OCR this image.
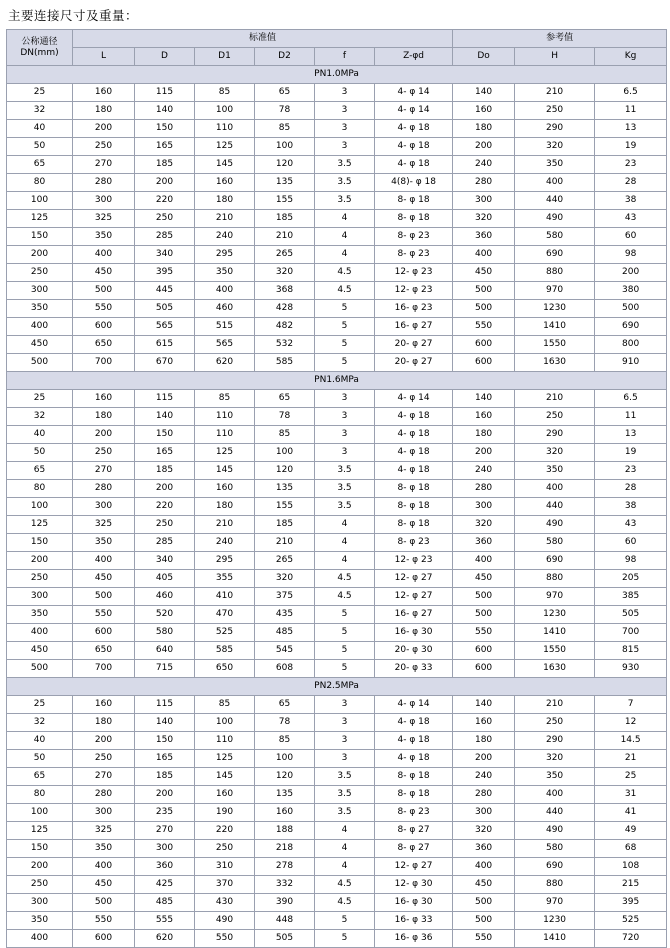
主要连接尺寸及重量：
公称通径
DN(mm)	标准值						参考值		
	L	D	D1	D2	f	Z-φd	Do	H	Kg
PN1.0MPa									
25	160	115	85	65	3	4- φ 14	140	210	6.5
32	180	140	100	78	3	4- φ 14	160	250	11
40	200	150	110	85	3	4- φ 18	180	290	13
50	250	165	125	100	3	4- φ 18	200	320	19
65	270	185	145	120	3.5	4- φ 18	240	350	23
80	280	200	160	135	3.5	4(8)- φ 18	280	400	28
100	300	220	180	155	3.5	8- φ 18	300	440	38
125	325	250	210	185	4	8- φ 18	320	490	43
150	350	285	240	210	4	8- φ 23	360	580	60
200	400	340	295	265	4	8- φ 23	400	690	98
250	450	395	350	320	4.5	12- φ 23	450	880	200
300	500	445	400	368	4.5	12- φ 23	500	970	380
350	550	505	460	428	5	16- φ 23	500	1230	500
400	600	565	515	482	5	16- φ 27	550	1410	690
450	650	615	565	532	5	20- φ 27	600	1550	800
500	700	670	620	585	5	20- φ 27	600	1630	910
PN1.6MPa									
25	160	115	85	65	3	4- φ 14	140	210	6.5
32	180	140	110	78	3	4- φ 18	160	250	11
40	200	150	110	85	3	4- φ 18	180	290	13
50	250	165	125	100	3	4- φ 18	200	320	19
65	270	185	145	120	3.5	4- φ 18	240	350	23
80	280	200	160	135	3.5	8- φ 18	280	400	28
100	300	220	180	155	3.5	8- φ 18	300	440	38
125	325	250	210	185	4	8- φ 18	320	490	43
150	350	285	240	210	4	8- φ 23	360	580	60
200	400	340	295	265	4	12- φ 23	400	690	98
250	450	405	355	320	4.5	12- φ 27	450	880	205
300	500	460	410	375	4.5	12- φ 27	500	970	385
350	550	520	470	435	5	16- φ 27	500	1230	505
400	600	580	525	485	5	16- φ 30	550	1410	700
450	650	640	585	545	5	20- φ 30	600	1550	815
500	700	715	650	608	5	20- φ 33	600	1630	930
PN2.5MPa									
25	160	115	85	65	3	4- φ 14	140	210	7
32	180	140	100	78	3	4- φ 18	160	250	12
40	200	150	110	85	3	4- φ 18	180	290	14.5
50	250	165	125	100	3	4- φ 18	200	320	21
65	270	185	145	120	3.5	8- φ 18	240	350	25
80	280	200	160	135	3.5	8- φ 18	280	400	31
100	300	235	190	160	3.5	8- φ 23	300	440	41
125	325	270	220	188	4	8- φ 27	320	490	49
150	350	300	250	218	4	8- φ 27	360	580	68
200	400	360	310	278	4	12- φ 27	400	690	108
250	450	425	370	332	4.5	12- φ 30	450	880	215
300	500	485	430	390	4.5	16- φ 30	500	970	395
350	550	555	490	448	5	16- φ 33	500	1230	525
400	600	620	550	505	5	16- φ 36	550	1410	720
